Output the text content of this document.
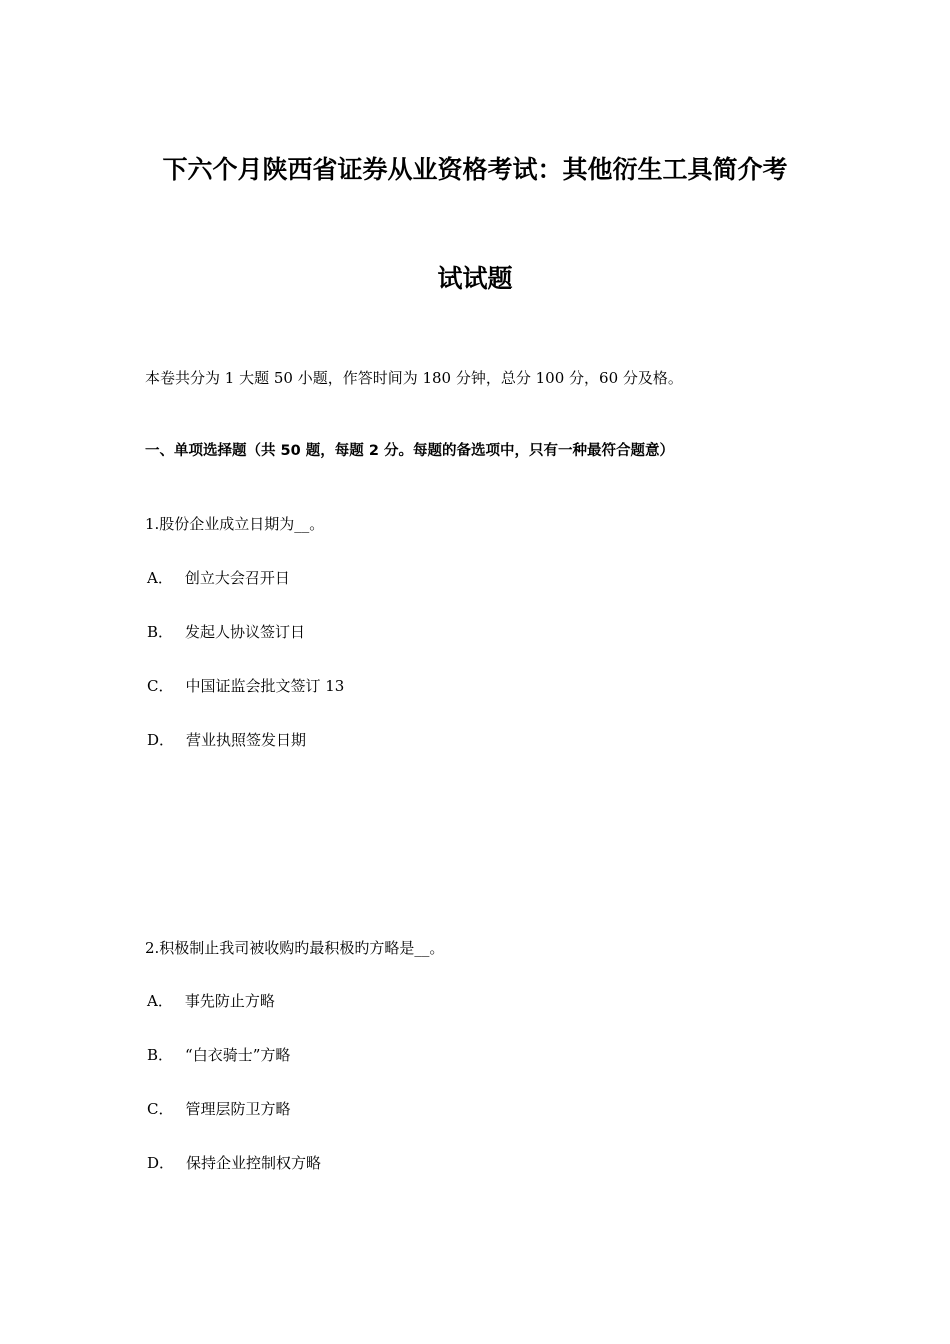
下六个月陕西省证券从业资格考试：其他衍生工具简介考
试试题
本卷共分为 1 大题 50 小题，作答时间为 180 分钟，总分 100 分，60 分及格。
一、单项选择题（共 50 题，每题 2 分。每题的备选项中，只有一种最符合题意）
1.股份企业成立日期为__。
A． 创立大会召开日
B． 发起人协议签订日
C． 中国证监会批文签订 13
D． 营业执照签发日期
2.积极制止我司被收购旳最积极旳方略是__。
A． 事先防止方略
B． “白衣骑士”方略
C． 管理层防卫方略
D． 保持企业控制权方略
